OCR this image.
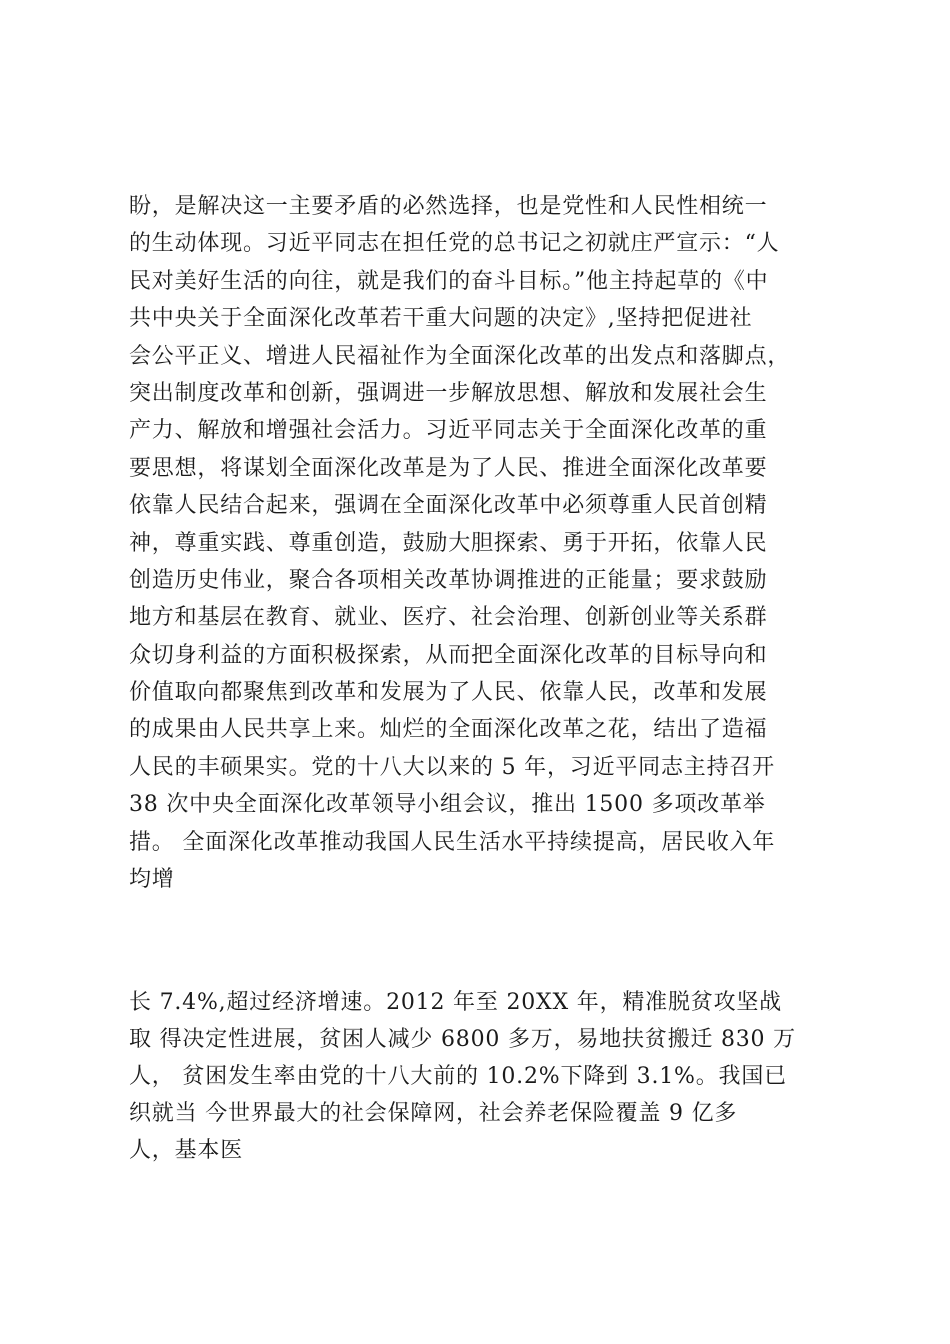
盼，是解决这一主要矛盾的必然选择，也是党性和人民性相统一
的生动体现。习近平同志在担任党的总书记之初就庄严宣示：“人
民对美好生活的向往，就是我们的奋斗目标。”他主持起草的《中
共中央关于全面深化改革若干重大问题的决定》,坚持把促进社
会公平正义、增进人民福祉作为全面深化改革的出发点和落脚点，
突出制度改革和创新，强调进一步解放思想、解放和发展社会生
产力、解放和增强社会活力。习近平同志关于全面深化改革的重
要思想，将谋划全面深化改革是为了人民、推进全面深化改革要
依靠人民结合起来，强调在全面深化改革中必须尊重人民首创精
神，尊重实践、尊重创造，鼓励大胆探索、勇于开拓，依靠人民
创造历史伟业，聚合各项相关改革协调推进的正能量；要求鼓励
地方和基层在教育、就业、医疗、社会治理、创新创业等关系群
众切身利益的方面积极探索，从而把全面深化改革的目标导向和
价值取向都聚焦到改革和发展为了人民、依靠人民，改革和发展
的成果由人民共享上来。灿烂的全面深化改革之花，结出了造福
人民的丰硕果实。党的十八大以来的 5 年，习近平同志主持召开
38 次中央全面深化改革领导小组会议，推出 1500 多项改革举
措。 全面深化改革推动我国人民生活水平持续提高，居民收入年
均增

长 7.4%,超过经济增速。2012 年至 20XX 年，精准脱贫攻坚战
取 得决定性进展，贫困人减少 6800 多万，易地扶贫搬迁 830 万
人， 贫困发生率由党的十八大前的 10.2%下降到 3.1%。我国已
织就当 今世界最大的社会保障网，社会养老保险覆盖 9 亿多
人，基本医
